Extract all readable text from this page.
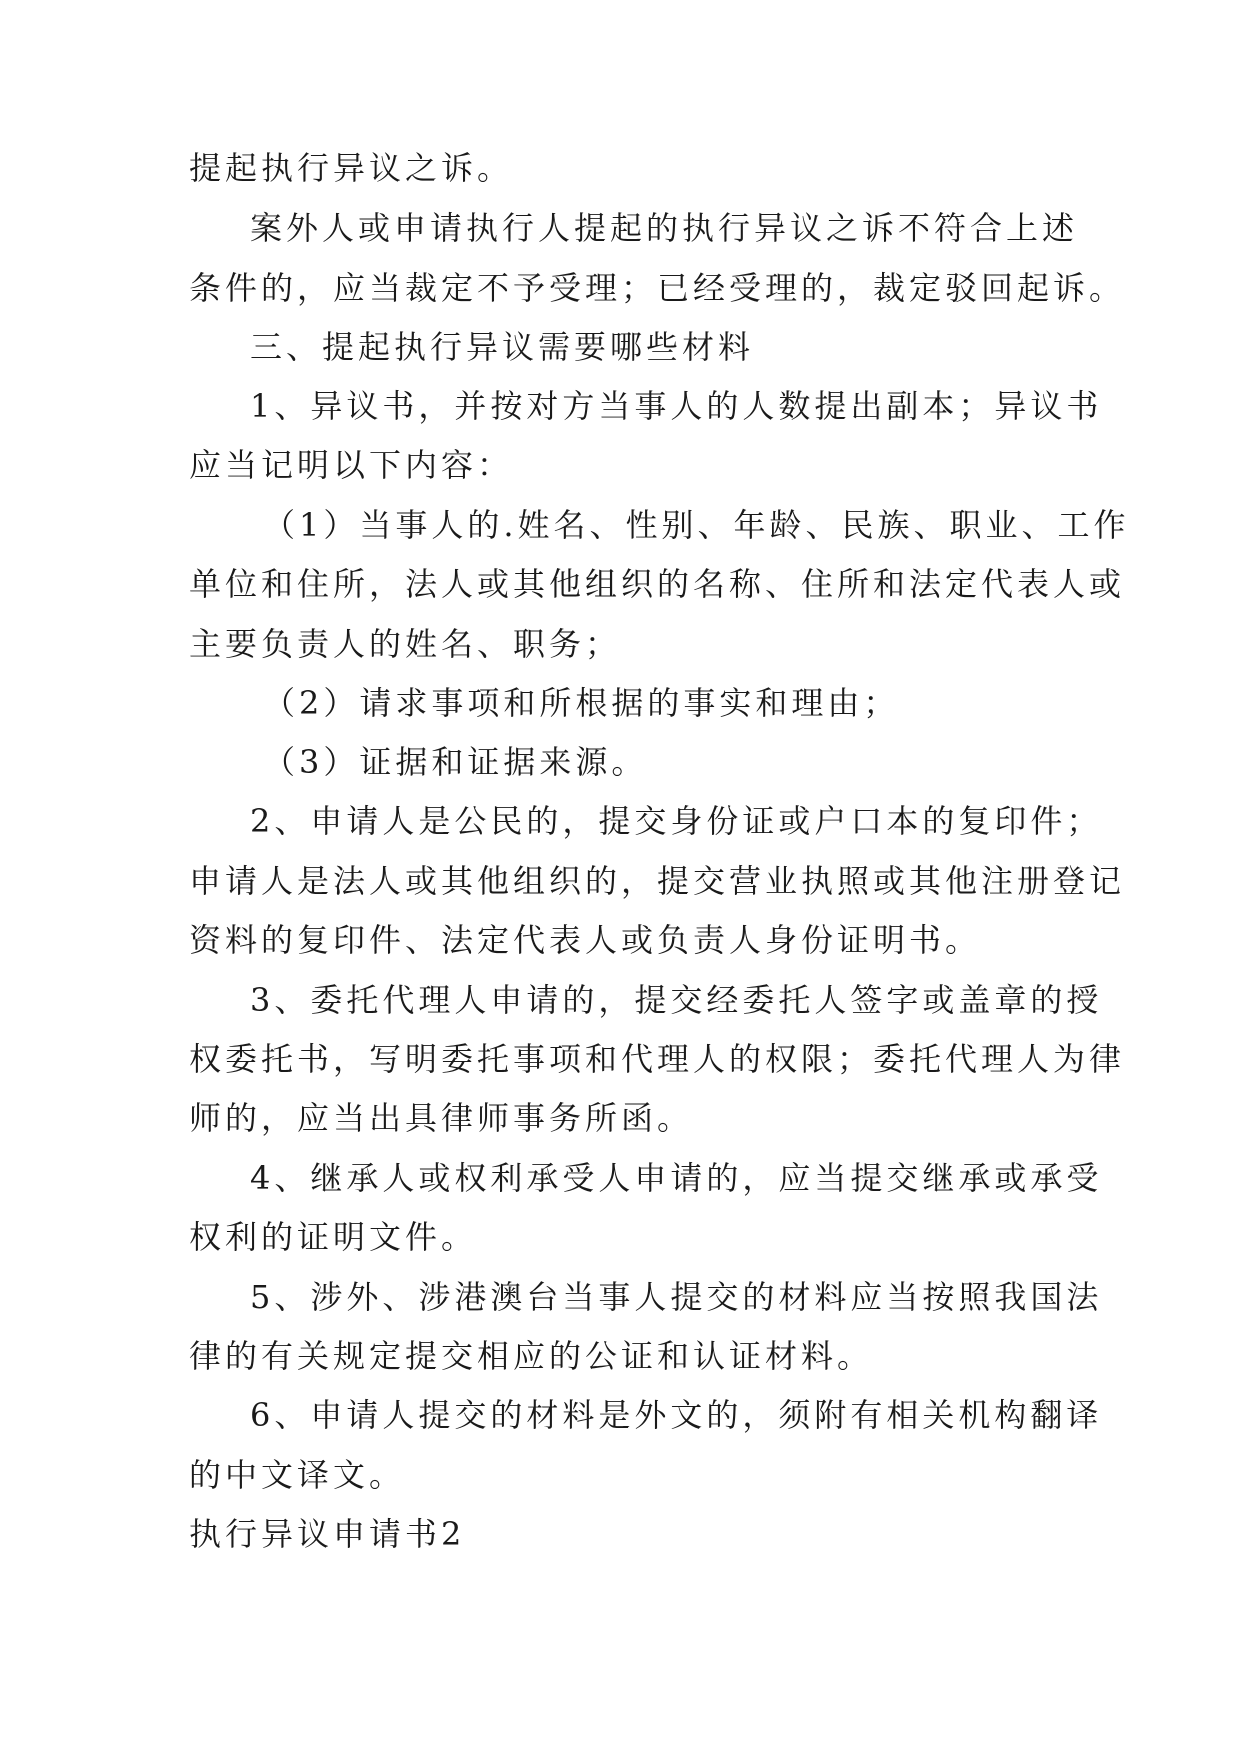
提起执行异议之诉。

案外人或申请执行人提起的执行异议之诉不符合上述

条件的，应当裁定不予受理；已经受理的，裁定驳回起诉。

三、提起执行异议需要哪些材料

1、异议书，并按对方当事人的人数提出副本；异议书

应当记明以下内容：

（1）当事人的.姓名、性别、年龄、民族、职业、工作

单位和住所，法人或其他组织的名称、住所和法定代表人或

主要负责人的姓名、职务；

（2）请求事项和所根据的事实和理由；

（3）证据和证据来源。

2、申请人是公民的，提交身份证或户口本的复印件；

申请人是法人或其他组织的，提交营业执照或其他注册登记

资料的复印件、法定代表人或负责人身份证明书。

3、委托代理人申请的，提交经委托人签字或盖章的授

权委托书，写明委托事项和代理人的权限；委托代理人为律

师的，应当出具律师事务所函。

4、继承人或权利承受人申请的，应当提交继承或承受

权利的证明文件。

5、涉外、涉港澳台当事人提交的材料应当按照我国法

律的有关规定提交相应的公证和认证材料。

6、申请人提交的材料是外文的，须附有相关机构翻译

的中文译文。

执行异议申请书2
